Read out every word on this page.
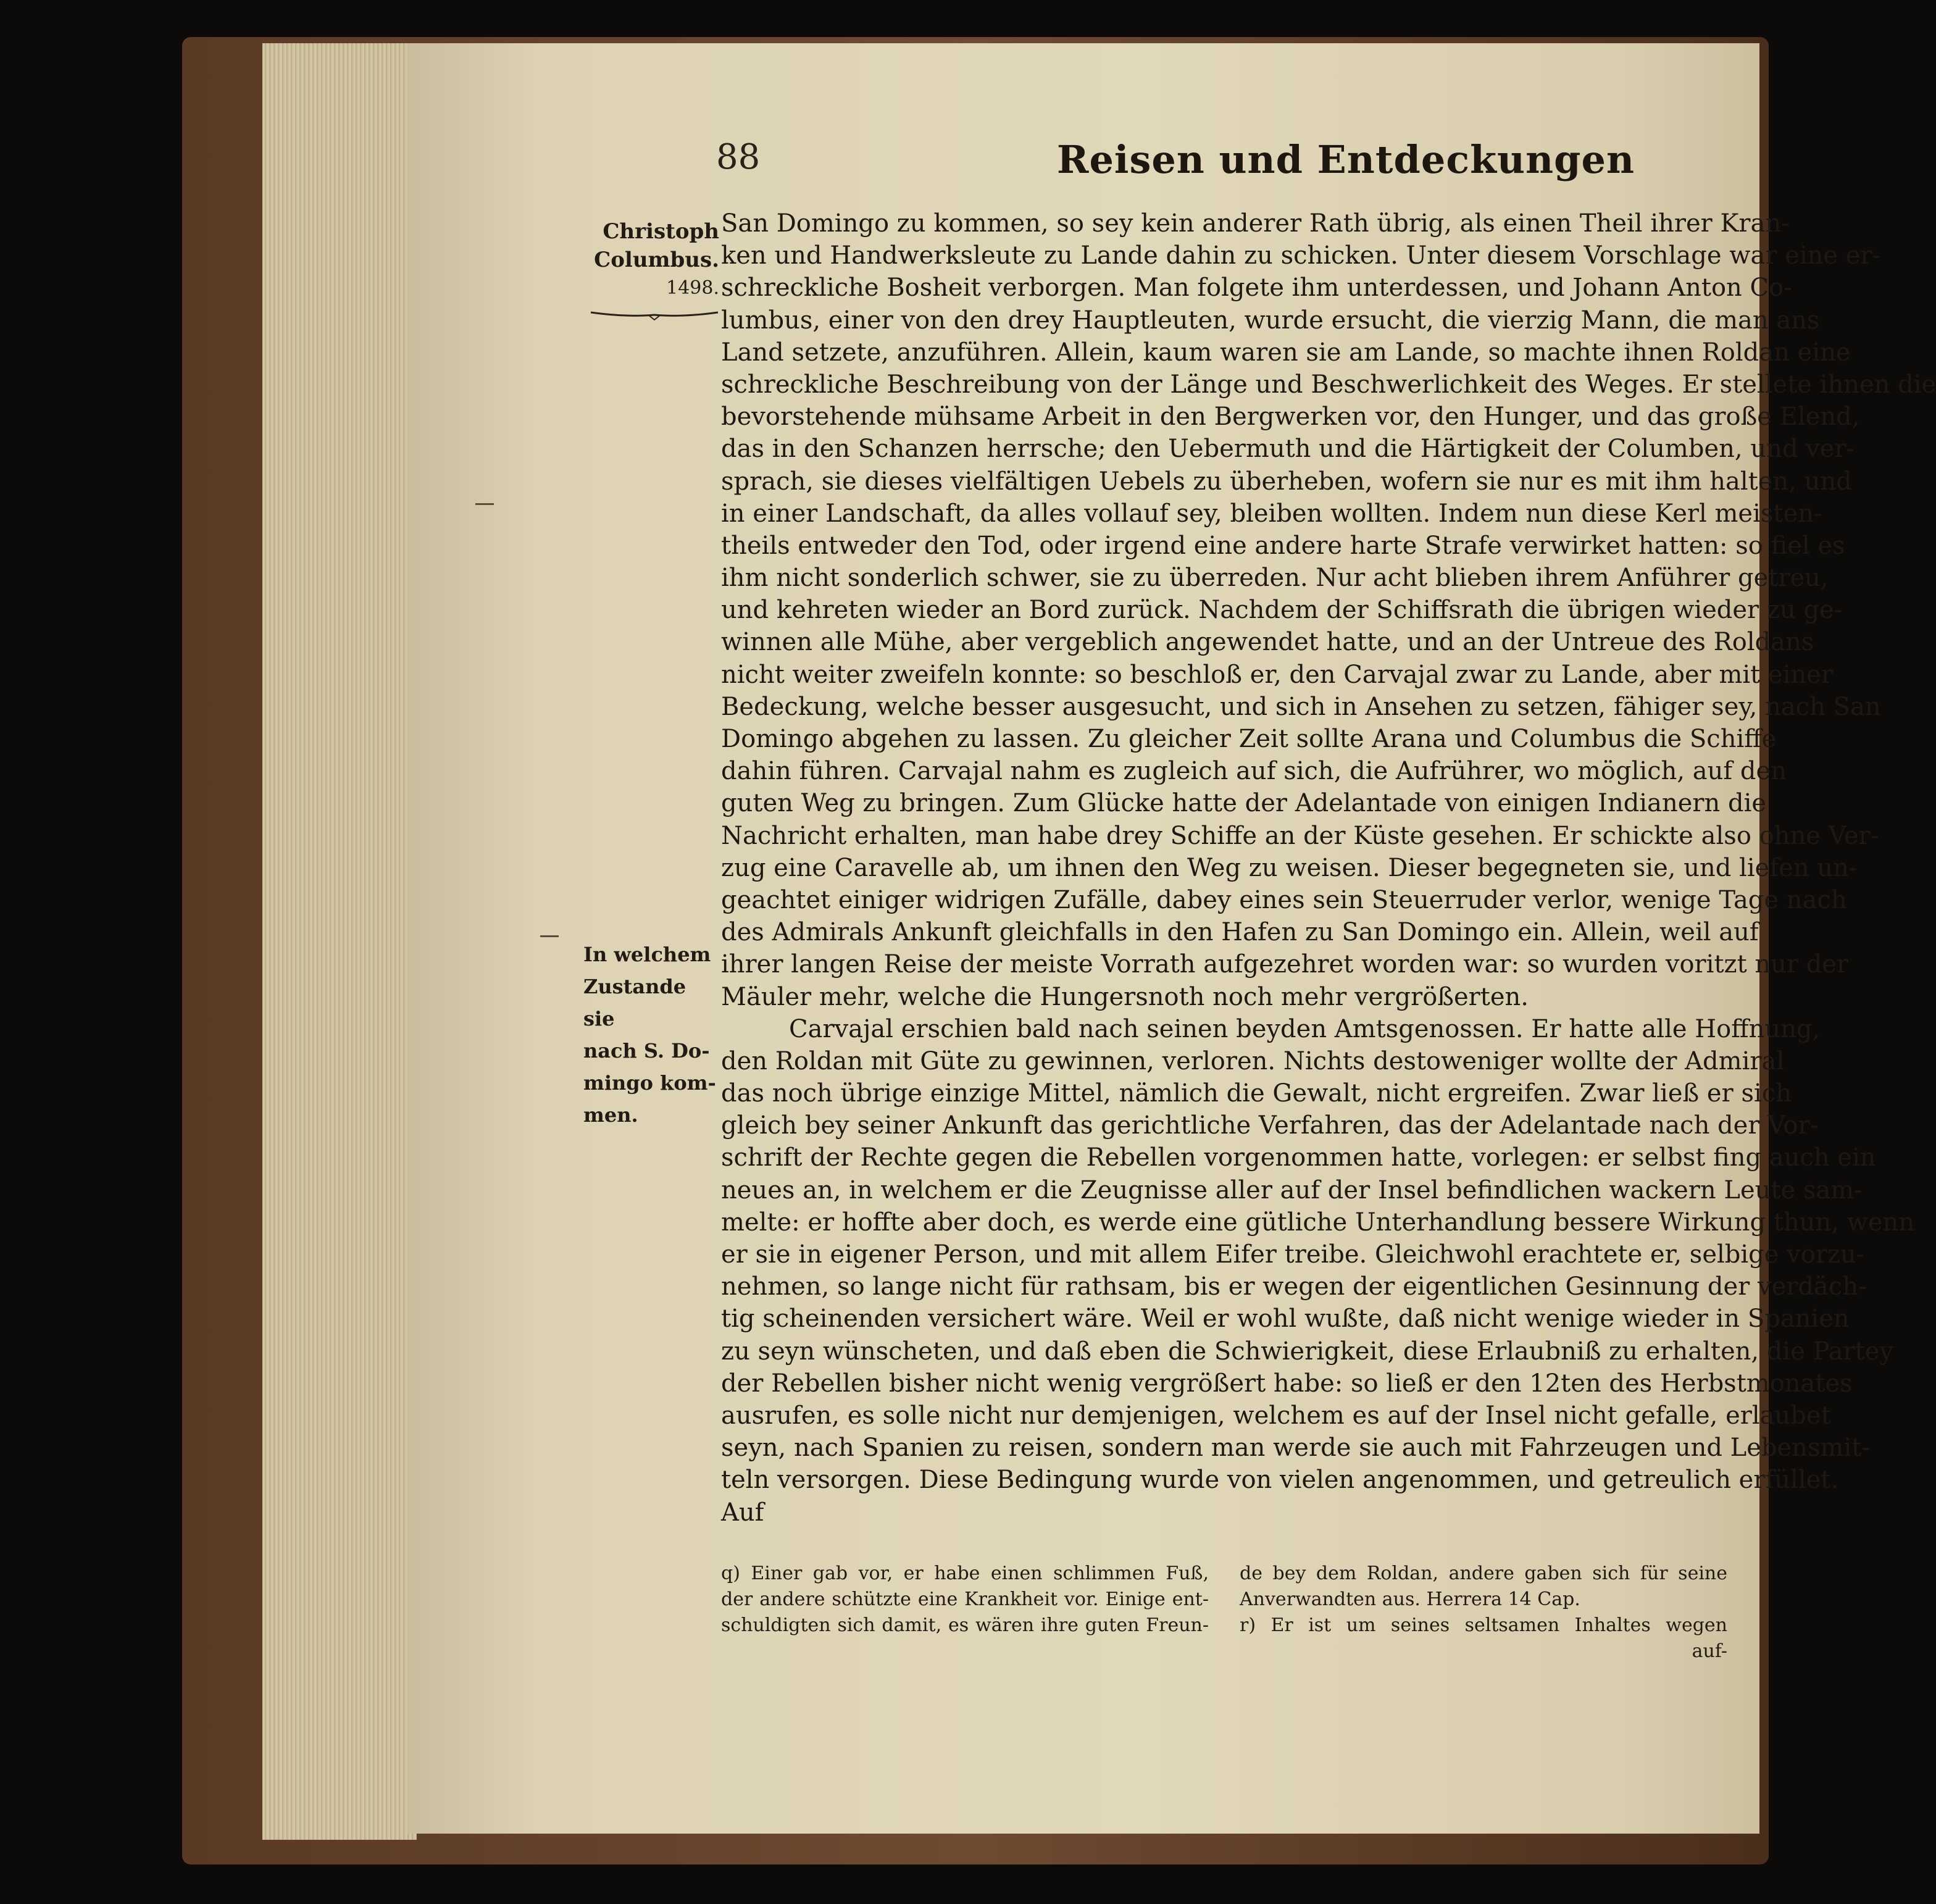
88	Reisen und Entdeckungen
Christoph
Columbus.
1498.
In welchem
Zustande sie
nach S. Do-
mingo kom-
men.
San Domingo zu kommen, so sey kein anderer Rath übrig, als einen Theil ihrer Kran-
ken und Handwerksleute zu Lande dahin zu schicken. Unter diesem Vorschlage war eine er-
schreckliche Bosheit verborgen. Man folgete ihm unterdessen, und Johann Anton Co-
lumbus, einer von den drey Hauptleuten, wurde ersucht, die vierzig Mann, die man ans
Land setzete, anzuführen. Allein, kaum waren sie am Lande, so machte ihnen Roldan eine
schreckliche Beschreibung von der Länge und Beschwerlichkeit des Weges. Er stellete ihnen die
bevorstehende mühsame Arbeit in den Bergwerken vor, den Hunger, und das große Elend,
das in den Schanzen herrsche; den Uebermuth und die Härtigkeit der Columben, und ver-
sprach, sie dieses vielfältigen Uebels zu überheben, wofern sie nur es mit ihm halten, und
in einer Landschaft, da alles vollauf sey, bleiben wollten. Indem nun diese Kerl meisten-
theils entweder den Tod, oder irgend eine andere harte Strafe verwirket hatten: so fiel es
ihm nicht sonderlich schwer, sie zu überreden. Nur acht blieben ihrem Anführer getreu,
und kehreten wieder an Bord zurück. Nachdem der Schiffsrath die übrigen wieder zu ge-
winnen alle Mühe, aber vergeblich angewendet hatte, und an der Untreue des Roldans
nicht weiter zweifeln konnte: so beschloß er, den Carvajal zwar zu Lande, aber mit einer
Bedeckung, welche besser ausgesucht, und sich in Ansehen zu setzen, fähiger sey, nach San
Domingo abgehen zu lassen. Zu gleicher Zeit sollte Arana und Columbus die Schiffe
dahin führen. Carvajal nahm es zugleich auf sich, die Aufrührer, wo möglich, auf den
guten Weg zu bringen. Zum Glücke hatte der Adelantade von einigen Indianern die
Nachricht erhalten, man habe drey Schiffe an der Küste gesehen. Er schickte also ohne Ver-
zug eine Caravelle ab, um ihnen den Weg zu weisen. Dieser begegneten sie, und liefen un-
geachtet einiger widrigen Zufälle, dabey eines sein Steuerruder verlor, wenige Tage nach
des Admirals Ankunft gleichfalls in den Hafen zu San Domingo ein. Allein, weil auf
ihrer langen Reise der meiste Vorrath aufgezehret worden war: so wurden voritzt nur der
Mäuler mehr, welche die Hungersnoth noch mehr vergrößerten.
Carvajal erschien bald nach seinen beyden Amtsgenossen. Er hatte alle Hoffnung,
den Roldan mit Güte zu gewinnen, verloren. Nichts destoweniger wollte der Admiral
das noch übrige einzige Mittel, nämlich die Gewalt, nicht ergreifen. Zwar ließ er sich
gleich bey seiner Ankunft das gerichtliche Verfahren, das der Adelantade nach der Vor-
schrift der Rechte gegen die Rebellen vorgenommen hatte, vorlegen: er selbst fing auch ein
neues an, in welchem er die Zeugnisse aller auf der Insel befindlichen wackern Leute sam-
melte: er hoffte aber doch, es werde eine gütliche Unterhandlung bessere Wirkung thun, wenn
er sie in eigener Person, und mit allem Eifer treibe. Gleichwohl erachtete er, selbige vorzu-
nehmen, so lange nicht für rathsam, bis er wegen der eigentlichen Gesinnung der verdäch-
tig scheinenden versichert wäre. Weil er wohl wußte, daß nicht wenige wieder in Spanien
zu seyn wünscheten, und daß eben die Schwierigkeit, diese Erlaubniß zu erhalten, die Partey
der Rebellen bisher nicht wenig vergrößert habe: so ließ er den 12ten des Herbstmonates
ausrufen, es solle nicht nur demjenigen, welchem es auf der Insel nicht gefalle, erlaubet
seyn, nach Spanien zu reisen, sondern man werde sie auch mit Fahrzeugen und Lebensmit-
teln versorgen. Diese Bedingung wurde von vielen angenommen, und getreulich erfüllet.
Auf
q) Einer gab vor, er habe einen schlimmen Fuß,
der andere schützte eine Krankheit vor. Einige ent-
schuldigten sich damit, es wären ihre guten Freun-
de bey dem Roldan, andere gaben sich für seine
Anverwandten aus. Herrera 14 Cap.
r) Er ist um seines seltsamen Inhaltes wegen
auf-
